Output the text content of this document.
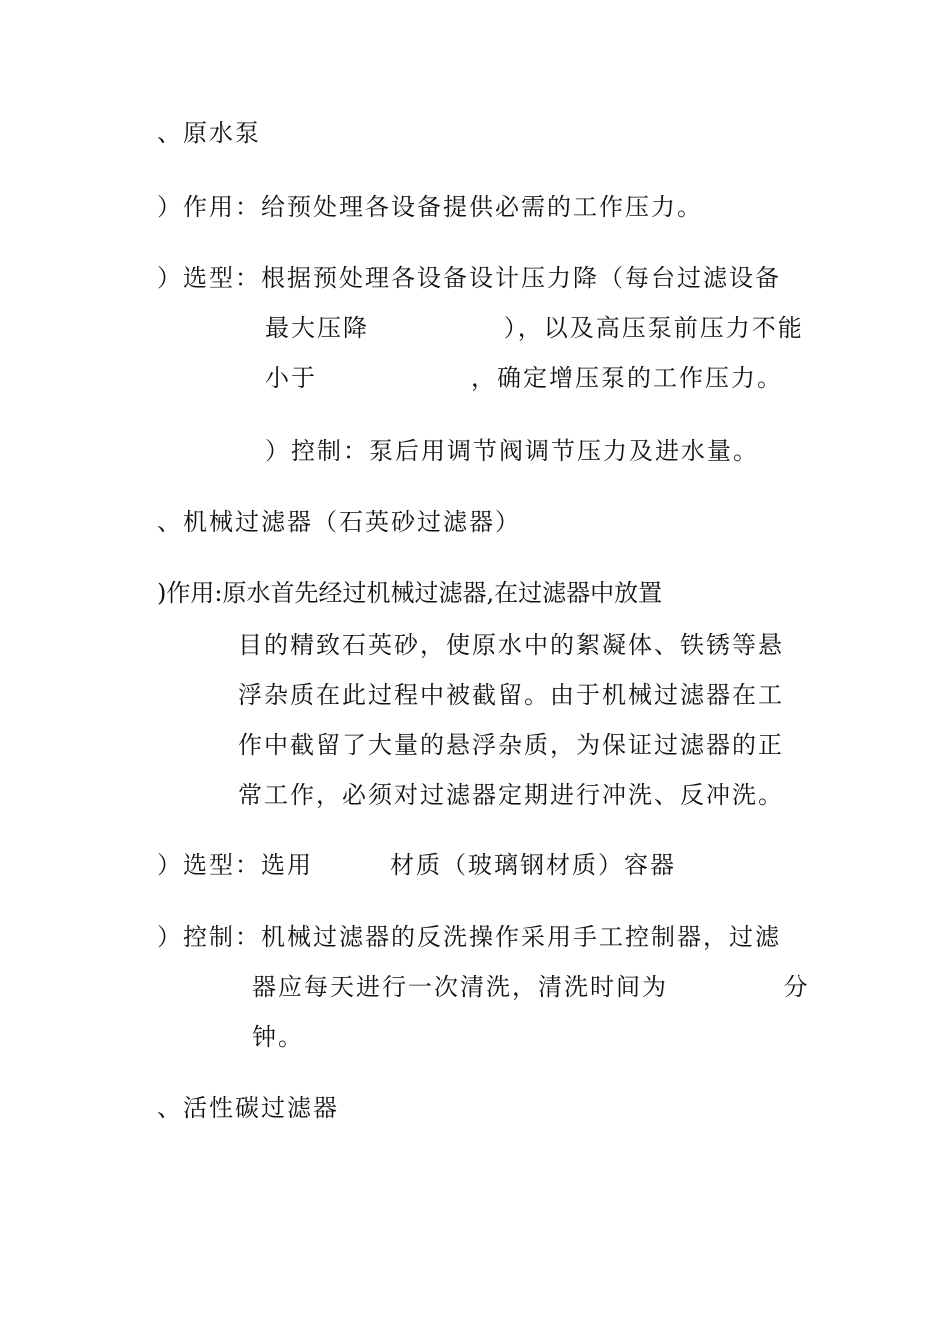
、原水泵
）作用：给预处理各设备提供必需的工作压力。
）选型：根据预处理各设备设计压力降（每台过滤设备
最大压降              ），以及高压泵前压力不能
小于                ，确定增压泵的工作压力。
）控制：泵后用调节阀调节压力及进水量。
、机械过滤器（石英砂过滤器）
)作用:原水首先经过机械过滤器,在过滤器中放置
目的精致石英砂，使原水中的絮凝体、铁锈等悬
浮杂质在此过程中被截留。由于机械过滤器在工
作中截留了大量的悬浮杂质，为保证过滤器的正
常工作，必须对过滤器定期进行冲洗、反冲洗。
）选型：选用        材质（玻璃钢材质）容器
）控制：机械过滤器的反洗操作采用手工控制器，过滤
器应每天进行一次清洗，清洗时间为            分
钟。
、活性碳过滤器
